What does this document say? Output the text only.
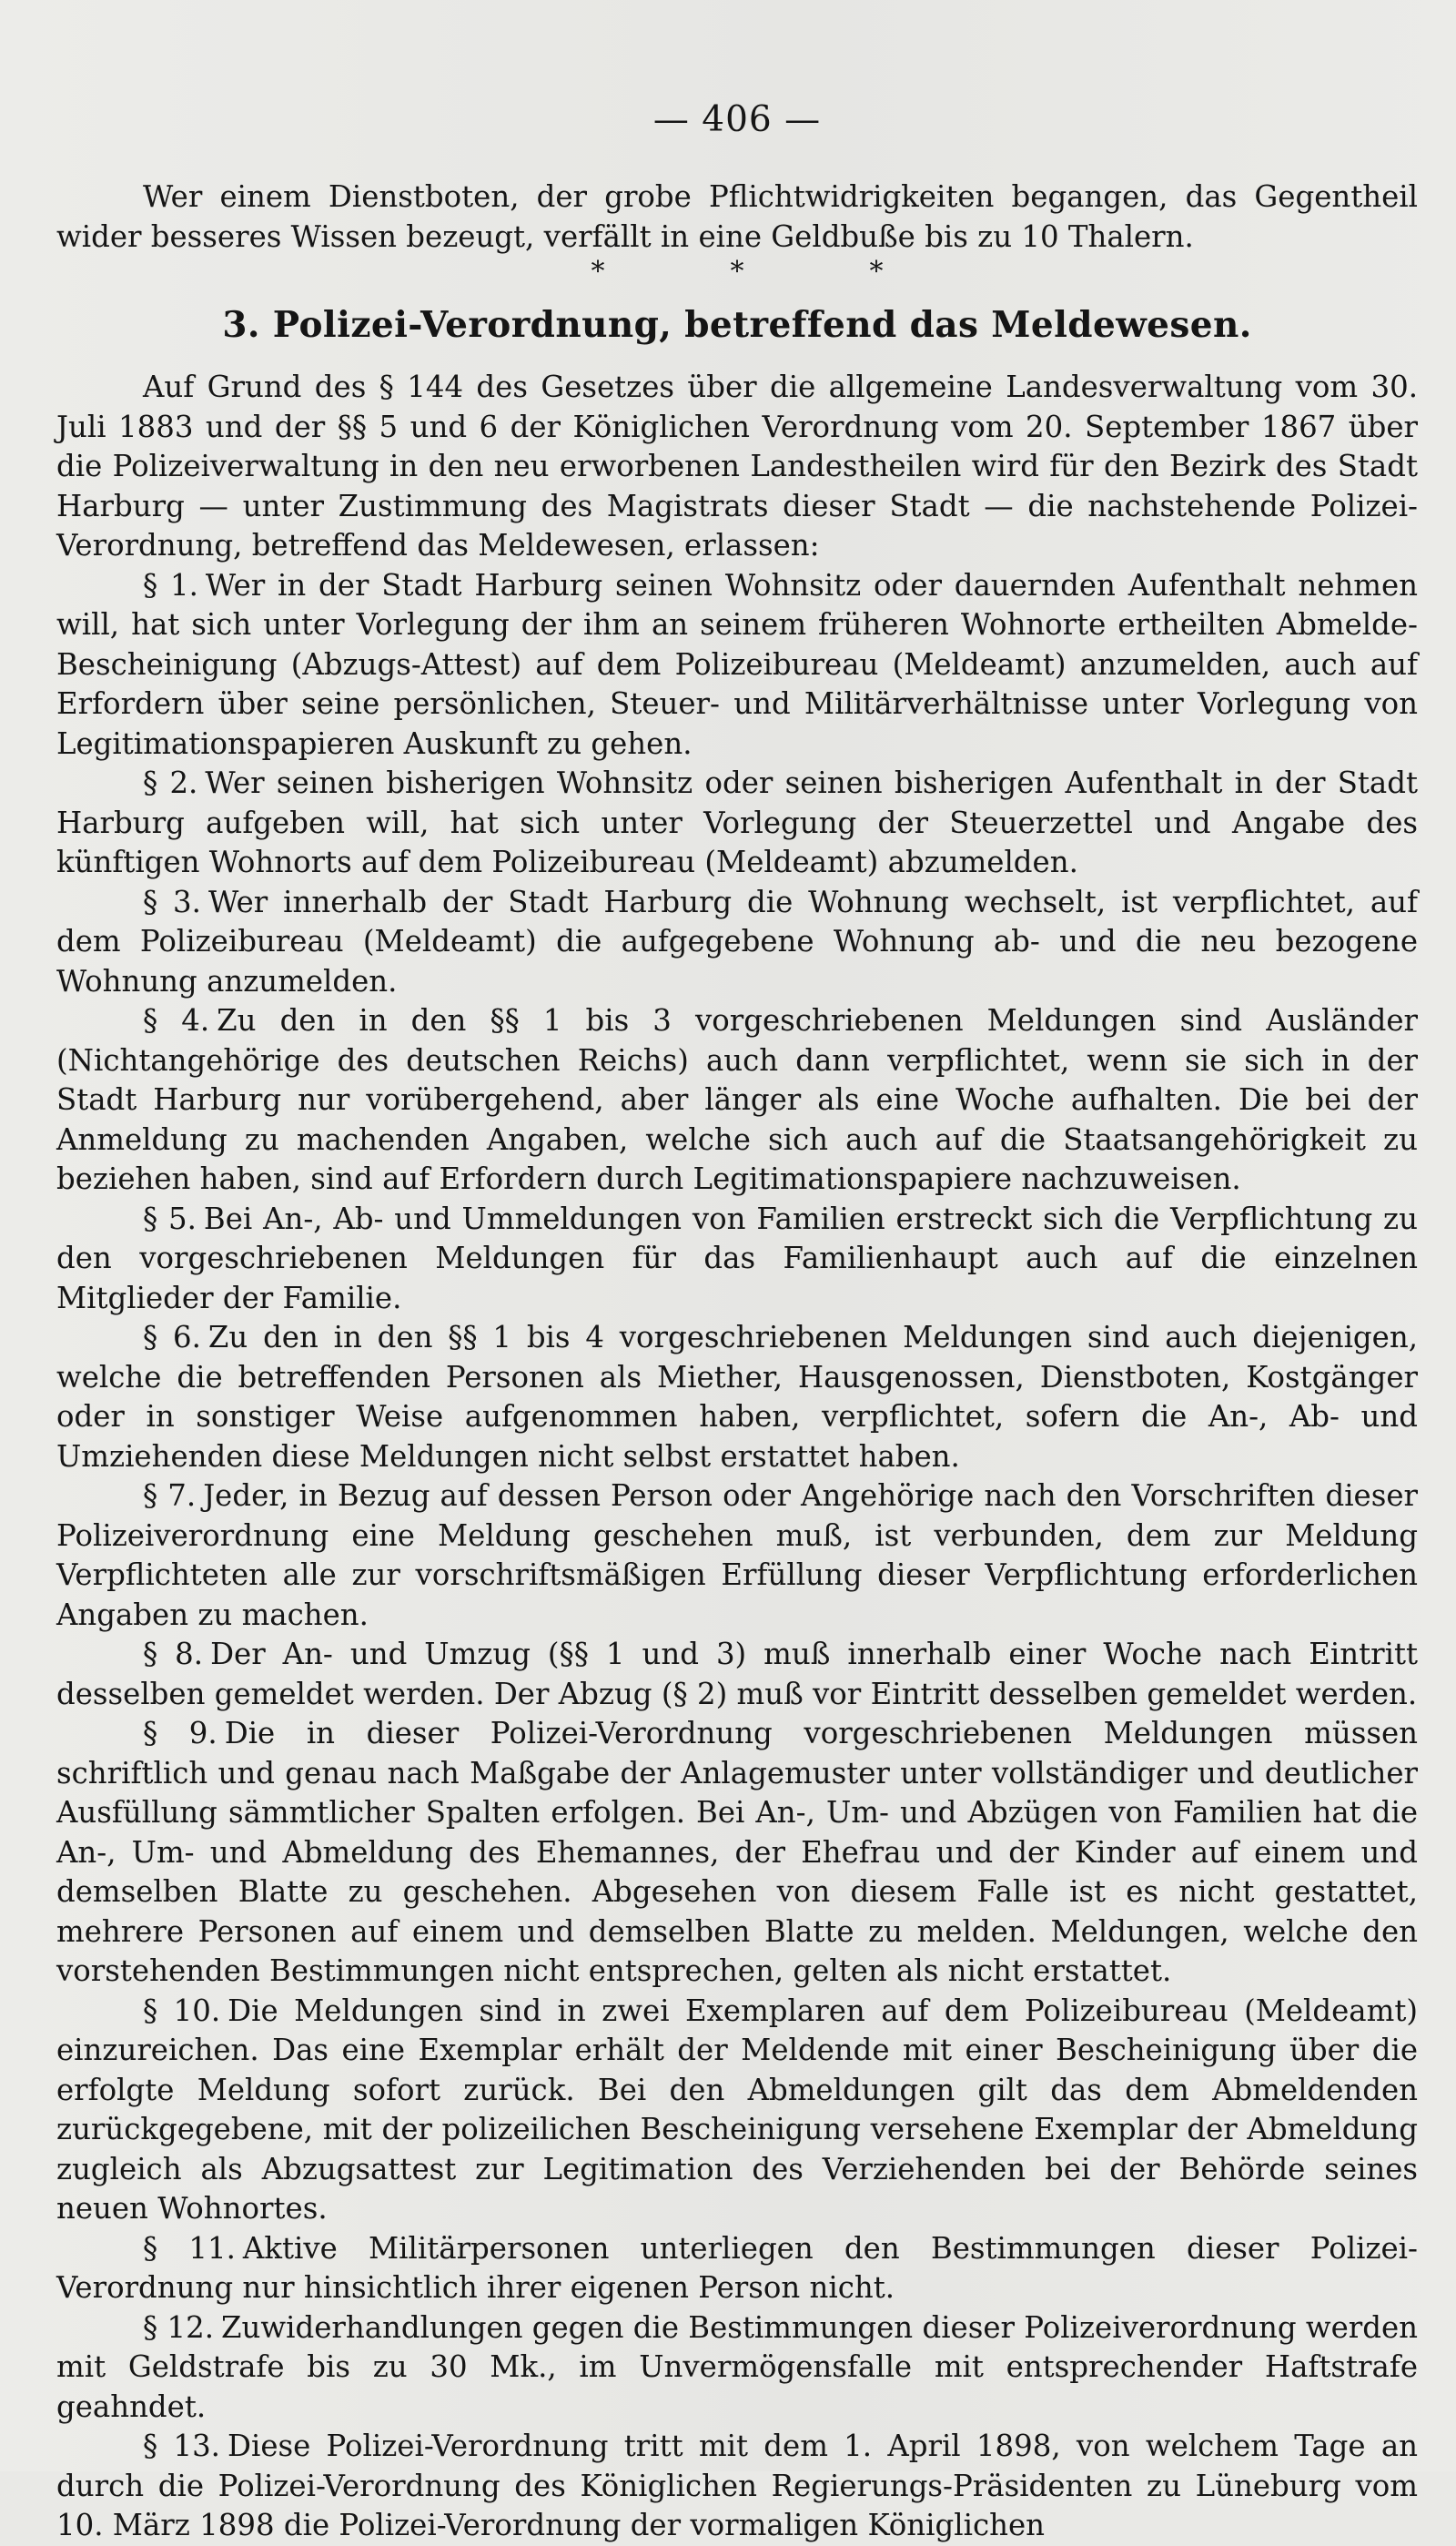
— 406 —

Wer einem Dienstboten, der grobe Pflichtwidrigkeiten begangen, das Gegentheil wider besseres Wissen bezeugt, verfällt in eine Geldbuße bis zu 10 Thalern.

*	*	*
3. Polizei-Verordnung, betreffend das Meldewesen.

Auf Grund des § 144 des Gesetzes über die allgemeine Landesverwaltung vom 30. Juli 1883 und der §§ 5 und 6 der Königlichen Verordnung vom 20. September 1867 über die Polizeiverwaltung in den neu erworbenen Landestheilen wird für den Bezirk des Stadt Harburg — unter Zustimmung des Magistrats dieser Stadt — die nachstehende Polizei-Verordnung, betreffend das Meldewesen, erlassen:

§ 1. Wer in der Stadt Harburg seinen Wohnsitz oder dauernden Aufenthalt nehmen will, hat sich unter Vorlegung der ihm an seinem früheren Wohnorte ertheilten Abmelde-Bescheinigung (Abzugs-Attest) auf dem Polizeibureau (Meldeamt) anzumelden, auch auf Erfordern über seine persönlichen, Steuer- und Militärverhältnisse unter Vorlegung von Legitimationspapieren Auskunft zu gehen.

§ 2. Wer seinen bisherigen Wohnsitz oder seinen bisherigen Aufenthalt in der Stadt Harburg aufgeben will, hat sich unter Vorlegung der Steuerzettel und Angabe des künftigen Wohnorts auf dem Polizeibureau (Meldeamt) abzumelden.

§ 3. Wer innerhalb der Stadt Harburg die Wohnung wechselt, ist verpflichtet, auf dem Polizeibureau (Meldeamt) die aufgegebene Wohnung ab- und die neu bezogene Wohnung anzumelden.

§ 4. Zu den in den §§ 1 bis 3 vorgeschriebenen Meldungen sind Ausländer (Nichtangehörige des deutschen Reichs) auch dann verpflichtet, wenn sie sich in der Stadt Harburg nur vorübergehend, aber länger als eine Woche aufhalten. Die bei der Anmeldung zu machenden Angaben, welche sich auch auf die Staatsangehörigkeit zu beziehen haben, sind auf Erfordern durch Legitimationspapiere nachzuweisen.

§ 5. Bei An-, Ab- und Ummeldungen von Familien erstreckt sich die Verpflichtung zu den vorgeschriebenen Meldungen für das Familienhaupt auch auf die einzelnen Mitglieder der Familie.

§ 6. Zu den in den §§ 1 bis 4 vorgeschriebenen Meldungen sind auch diejenigen, welche die betreffenden Personen als Miether, Hausgenossen, Dienstboten, Kostgänger oder in sonstiger Weise aufgenommen haben, verpflichtet, sofern die An-, Ab- und Umziehenden diese Meldungen nicht selbst erstattet haben.

§ 7. Jeder, in Bezug auf dessen Person oder Angehörige nach den Vorschriften dieser Polizeiverordnung eine Meldung geschehen muß, ist verbunden, dem zur Meldung Verpflichteten alle zur vorschriftsmäßigen Erfüllung dieser Verpflichtung erforderlichen Angaben zu machen.

§ 8. Der An- und Umzug (§§ 1 und 3) muß innerhalb einer Woche nach Eintritt desselben gemeldet werden. Der Abzug (§ 2) muß vor Eintritt desselben gemeldet werden.

§ 9. Die in dieser Polizei-Verordnung vorgeschriebenen Meldungen müssen schriftlich und genau nach Maßgabe der Anlagemuster unter vollständiger und deutlicher Ausfüllung sämmtlicher Spalten erfolgen. Bei An-, Um- und Abzügen von Familien hat die An-, Um- und Abmeldung des Ehemannes, der Ehefrau und der Kinder auf einem und demselben Blatte zu geschehen. Abgesehen von diesem Falle ist es nicht gestattet, mehrere Personen auf einem und demselben Blatte zu melden. Meldungen, welche den vorstehenden Bestimmungen nicht entsprechen, gelten als nicht erstattet.

§ 10. Die Meldungen sind in zwei Exemplaren auf dem Polizeibureau (Meldeamt) einzureichen. Das eine Exemplar erhält der Meldende mit einer Bescheinigung über die erfolgte Meldung sofort zurück. Bei den Abmeldungen gilt das dem Abmeldenden zurückgegebene, mit der polizeilichen Bescheinigung versehene Exemplar der Abmeldung zugleich als Abzugsattest zur Legitimation des Verziehenden bei der Behörde seines neuen Wohnortes.

§ 11. Aktive Militärpersonen unterliegen den Bestimmungen dieser Polizei-Verordnung nur hinsichtlich ihrer eigenen Person nicht.

§ 12. Zuwiderhandlungen gegen die Bestimmungen dieser Polizeiverordnung werden mit Geldstrafe bis zu 30 Mk., im Unvermögensfalle mit entsprechender Haftstrafe geahndet.

§ 13. Diese Polizei-Verordnung tritt mit dem 1. April 1898, von welchem Tage an durch die Polizei-Verordnung des Königlichen Regierungs-Präsidenten zu Lüneburg vom 10. März 1898 die Polizei-Verordnung der vormaligen Königlichen
